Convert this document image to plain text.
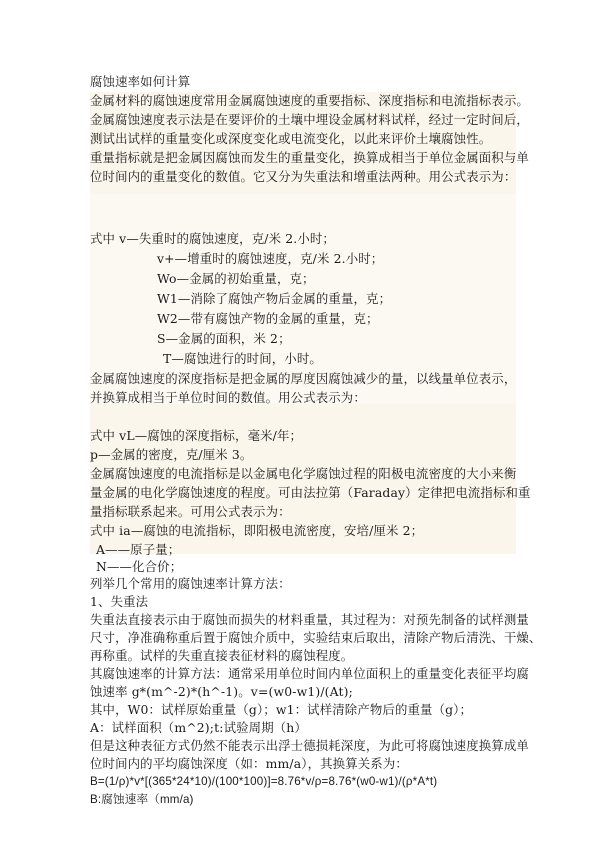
腐蚀速率如何计算
金属材料的腐蚀速度常用金属腐蚀速度的重要指标、深度指标和电流指标表示。
金属腐蚀速度表示法是在要评价的土壤中埋设金属材料试样，经过一定时间后，
测试出试样的重量变化或深度变化或电流变化，以此来评价土壤腐蚀性。
重量指标就是把金属因腐蚀而发生的重量变化，换算成相当于单位金属面积与单
位时间内的重量变化的数值。它又分为失重法和增重法两种。用公式表示为：
式中 v—失重时的腐蚀速度，克/米 2.小时；
v+—增重时的腐蚀速度，克/米 2.小时；
Wo—金属的初始重量，克；
W1—消除了腐蚀产物后金属的重量，克；
W2—带有腐蚀产物的金属的重量，克；
S—金属的面积，米 2；
T—腐蚀进行的时间，小时。
金属腐蚀速度的深度指标是把金属的厚度因腐蚀减少的量，以线量单位表示，
并换算成相当于单位时间的数值。用公式表示为：
式中 vL—腐蚀的深度指标，毫米/年；
p—金属的密度，克/厘米 3。
金属腐蚀速度的电流指标是以金属电化学腐蚀过程的阳极电流密度的大小来衡
量金属的电化学腐蚀速度的程度。可由法拉第（Faraday）定律把电流指标和重
量指标联系起来。可用公式表示为：
式中 ia—腐蚀的电流指标，即阳极电流密度，安培/厘米 2；
A——原子量；
N——化合价；
列举几个常用的腐蚀速率计算方法：
1、失重法
失重法直接表示由于腐蚀而损失的材料重量，其过程为：对预先制备的试样测量
尺寸，净准确称重后置于腐蚀介质中，实验结束后取出，清除产物后清洗、干燥、
再称重。试样的失重直接表征材料的腐蚀程度。
其腐蚀速率的计算方法：通常采用单位时间内单位面积上的重量变化表征平均腐
蚀速率 g*(m^-2)*(h^-1)。v=(w0-w1)/(At);
其中，W0：试样原始重量（g）；w1：试样清除产物后的重量（g）；
A：试样面积（m^2);t:试验周期（h）
但是这种表征方式仍然不能表示出浮士德损耗深度，为此可将腐蚀速度换算成单
位时间内的平均腐蚀深度（如：mm/a），其换算关系为：
B=(1/ρ)*v*[(365*24*10)/(100*100)]=8.76*v/ρ=8.76*(w0-w1)/(ρ*A*t)
B:腐蚀速率（mm/a)
